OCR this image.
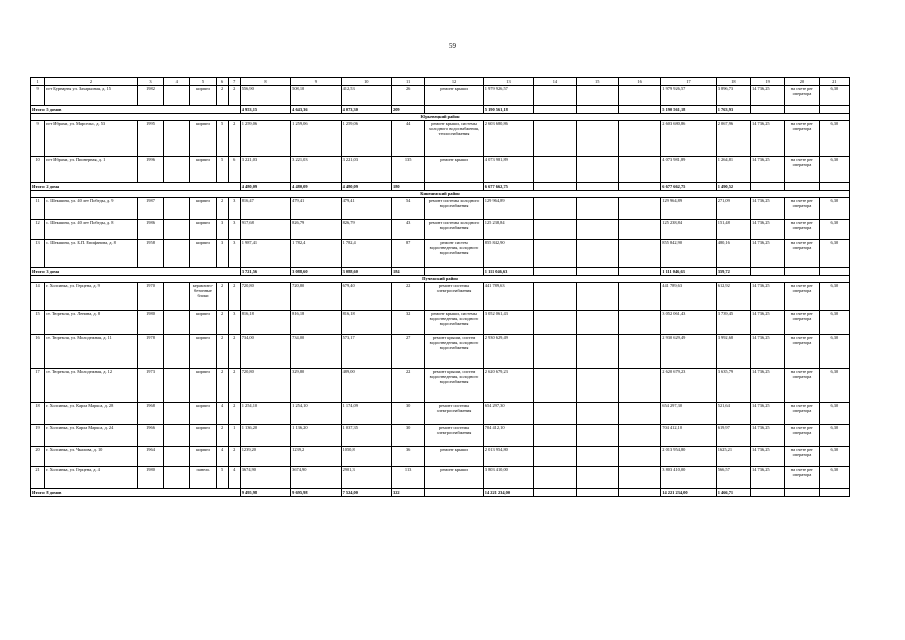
59
1	2	3	4	5	6	7	8	9	10	11	12	13	14	15	16	17	18	19	20	21
9	пгт Бурнарты ул. Захарьиная, д. 15	1982		кирпич	2	2	556,90	508,10	412,53	26	ремонт крыши	1 979 926,57				1 979 926,57	3 896,73	14 736,25	на счете рег оператора	6,30
Итого: 5 домов							4 953,15	4 643,36	4 073,30	209		5 190 561,18				5 190 561,18	1 763,93			
Юрьевецкий район																				
9	пгт Ибрахи, ул. Марсельс, д. 53	1995		кирпич	5	2	1 259,06	1 259,06	1 259,06	44	ремонт крыши, системы холодного водоснабжения, теплоснабжения	2 603 680,86				2 603 680,86	2 067,96	14 736,25	на счете рег оператора	6,30
10	пгт Ибрахи, ул. Пионерная, д. 1	1996		кирпич	5	6	3 221,03	3 221,03	3 221,03	135	ремонт крыши	4 073 981,89				4 073 981,89	1 264,81	14 736,25	на счете рег оператора	6,30
Итого: 2 дома							4 480,09	4 480,09	4 480,09	180		6 677 662,75				6 677 662,75	1 490,52			
Кинешмский район																				
11	с. Шекшина, ул. 40 лет Победы, д. 9	1987		кирпич	2	3	816,47	479,41	479,41	54	ремонт системы холодного водоснабжения	129 964,89				129 964,89	271,09	14 736,25	на счете рег оператора	6,30
12	с. Шекшина, ул. 40 лет Победы, д. 8	1986		кирпич	3	3	917,68	826,79	826,79	43	ремонт системы холодного водоснабжения	125 238,84				125 238,84	151,48	14 736,25	на счете рег оператора	6,30
13	с. Шекшина, ул. Б.П. Епифанова, д. 8	1958		кирпич	3	3	1 987,41	1 782,4	1 782,4	87	ремонт систем водоотведения, холодного водоснабжения	855 842,90				855 842,90	480,16	14 736,25	на счете рег оператора	6,30
Итого: 3 дома							3 721,56	3 088,60	3 088,60	184		1 111 046,63				1 111 046,63	359,72			
Пучежский район																				
14	г. Холсинка, ул. Герцена, д. 9	1970		керамзито-бетонные блоки	2	2	720,80	720,80	679,40	22	ремонт системы электроснабжения	441 789,63				441 789,63	612,92	14 736,25	на счете рег оператора	6,30
15	ст. Тюремля, ул. Ленина, д. 8	1980		кирпич	2	3	816,18	816,18	816,18	32	ремонт крыши, системы водоотведения, холодного водоснабжения	3 052 061,43				3 052 061,43	3 739,45	14 736,25	на счете рег оператора	6,30
16	ст. Тюремля, ул. Молодежная, д. 11	1978		кирпич	2	2	734,00	734,00	573,17	27	ремонт крыши, систем водоотведения, холодного водоснабжения	2 930 629,49				2 930 629,49	3 992,68	14 736,25	на счете рег оператора	6,30
17	ст. Тюремля, ул. Молодежная, д. 12	1973		кирпич	2	2	720,80	329,80	489,00	22	ремонт крыши, систем водоотведения, холодного водоснабжения	2 620 679,23				2 620 679,23	3 635,79	14 736,25	на счете рег оператора	6,30
18	г. Холсинка, ул. Карла Маркса, д. 28	1968		кирпич	4	2	1 254,10	1 254,10	1 174,09	30	ремонт системы электроснабжения	654 297,30				654 297,30	521,64	14 736,25	на счете рег оператора	6,30
19	г. Холсинка, ул. Карла Маркса, д. 24	1966		кирпич	2	1	1 136,20	1 136,20	1 037,35	30	ремонт системы электроснабжения	704 412,10				704 412,10	619,97	14 736,25	на счете рег оператора	6,30
20	г. Холсинка, ул. Чкалова, д. 10	1964		кирпич	4	2	1239,20	1239,2	1050,8	36	ремонт крыши	2 013 954,80				2 013 954,80	1625,21	14 736,25	на счете рег оператора	6,30
21	г. Холсинка, ул. Герцена, д. 4	1980		панель	5	4	3674,90	3674,90	2901,3	113	ремонт крыши	3 803 410,00				3 803 410,00	566,57	14 736,25	на счете рег оператора	6,30
Итого: 8 домов							9 495,98	9 695,98	7 524,00	322		14 221 234,00				14 221 234,00	1 466,71			
